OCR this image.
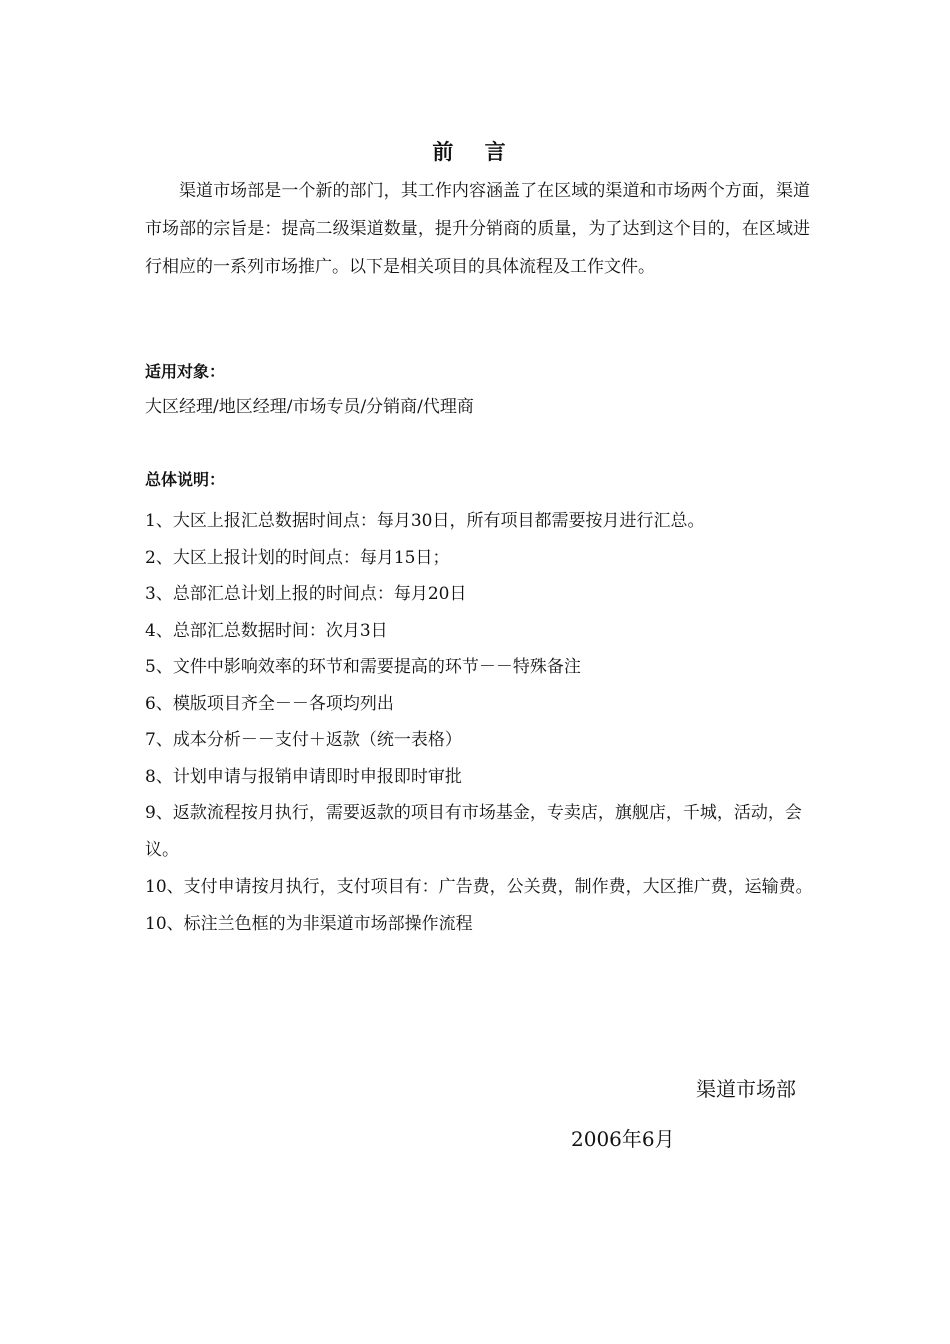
前 言

渠道市场部是一个新的部门，其工作内容涵盖了在区域的渠道和市场两个方面，渠道市场部的宗旨是：提高二级渠道数量，提升分销商的质量，为了达到这个目的，在区域进行相应的一系列市场推广。以下是相关项目的具体流程及工作文件。

适用对象：
大区经理/地区经理/市场专员/分销商/代理商
总体说明：
1、大区上报汇总数据时间点：每月30日，所有项目都需要按月进行汇总。
2、大区上报计划的时间点：每月15日；
3、总部汇总计划上报的时间点：每月20日
4、总部汇总数据时间：次月3日
5、文件中影响效率的环节和需要提高的环节－－特殊备注
6、模版项目齐全－－各项均列出
7、成本分析－－支付＋返款（统一表格）
8、计划申请与报销申请即时申报即时审批
9、返款流程按月执行，需要返款的项目有市场基金，专卖店，旗舰店，千城，活动，会议。
10、支付申请按月执行，支付项目有：广告费，公关费，制作费，大区推广费，运输费。
10、标注兰色框的为非渠道市场部操作流程
渠道市场部
2006年6月
